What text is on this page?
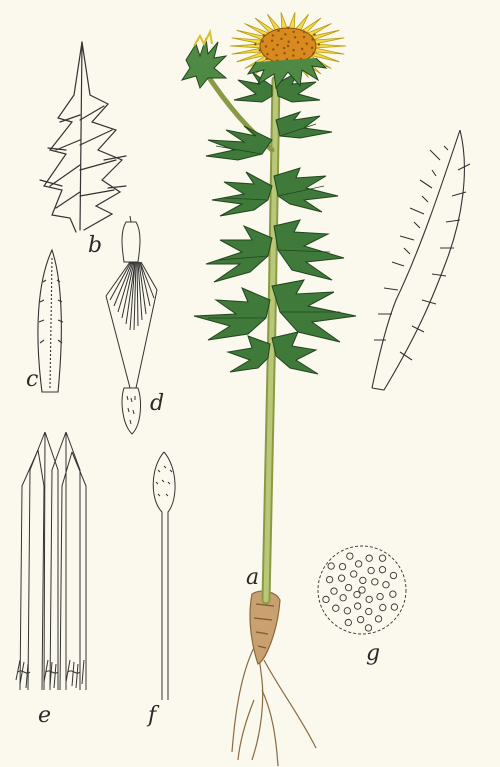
b
c
d
e	f
g
a
